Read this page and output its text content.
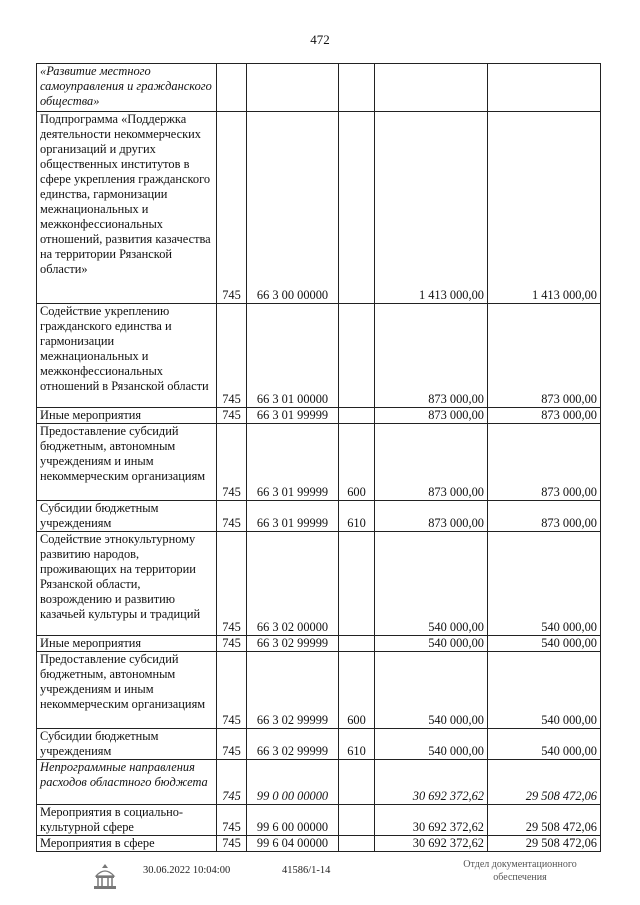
472
«Развитие местного самоуправления и гражданского общества»					
Подпрограмма «Поддержка деятельности некоммерческих организаций и других общественных институтов в сфере укрепления гражданского единства, гармонизации межнациональных и межконфессиональных отношений, развития казачества на территории Рязанской области»	745	66 3 00 00000		1 413 000,00	1 413 000,00
Содействие укреплению гражданского единства и гармонизации межнациональных и межконфессиональных отношений в Рязанской области	745	66 3 01 00000		873 000,00	873 000,00
Иные мероприятия	745	66 3 01 99999		873 000,00	873 000,00
Предоставление субсидий бюджетным, автономным учреждениям и иным некоммерческим организациям	745	66 3 01 99999	600	873 000,00	873 000,00
Субсидии бюджетным учреждениям	745	66 3 01 99999	610	873 000,00	873 000,00
Содействие этнокультурному развитию народов, проживающих на территории Рязанской области, возрождению и развитию казачьей культуры и традиций	745	66 3 02 00000		540 000,00	540 000,00
Иные мероприятия	745	66 3 02 99999		540 000,00	540 000,00
Предоставление субсидий бюджетным, автономным учреждениям и иным некоммерческим организациям	745	66 3 02 99999	600	540 000,00	540 000,00
Субсидии бюджетным учреждениям	745	66 3 02 99999	610	540 000,00	540 000,00
Непрограммные направления расходов областного бюджета	745	99 0 00 00000		30 692 372,62	29 508 472,06
Мероприятия в социально-культурной сфере	745	99 6 00 00000		30 692 372,62	29 508 472,06
Мероприятия в сфере	745	99 6 04 00000		30 692 372,62	29 508 472,06
30.06.2022 10:04:00	41586/1-14
Отдел документационного обеспечения
